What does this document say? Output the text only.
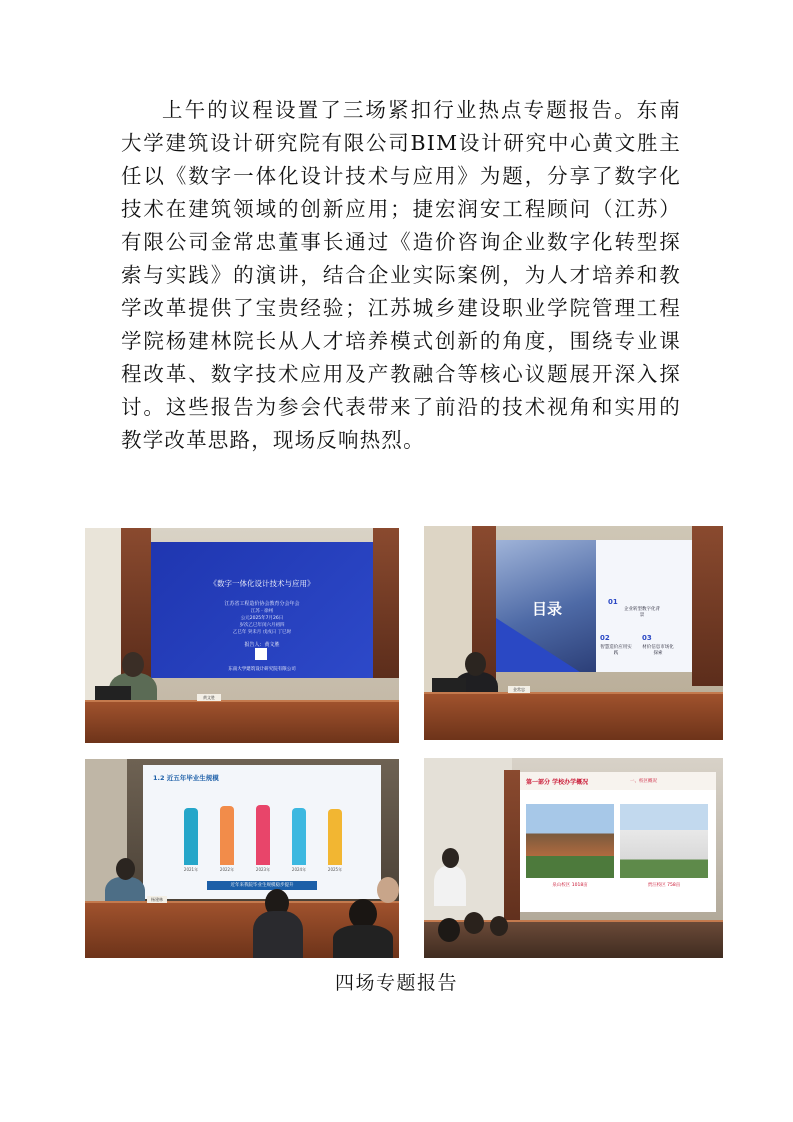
上午的议程设置了三场紧扣行业热点专题报告。东南大学建筑设计研究院有限公司BIM设计研究中心黄文胜主任以《数字一体化设计技术与应用》为题，分享了数字化技术在建筑领域的创新应用；捷宏润安工程顾问（江苏）有限公司金常忠董事长通过《造价咨询企业数字化转型探索与实践》的演讲，结合企业实际案例，为人才培养和教学改革提供了宝贵经验；江苏城乡建设职业学院管理工程学院杨建林院长从人才培养模式创新的角度，围绕专业课程改革、数字技术应用及产教融合等核心议题展开深入探讨。这些报告为参会代表带来了前沿的技术视角和实用的教学改革思路，现场反响热烈。
《数字一体化设计技术与应用》
江苏省工程造价协会教育分会年会
江苏 · 徐州
公元2025年7月26日
岁次乙巳年闰六月初四
乙巳年 癸未月 戊戌日 丁巳时
报告人：黄文胜
东南大学建筑设计研究院有限公司
黄文胜
目录	01
企业转型数字化背景
02
智慧造价应用实践
03
材价信息市场化探索
金常忠
1.2 近五年毕业生规模
2021年	2022年	2023年	2024年	2025年
近年来我院毕业生规模稳步提升
杨建林
第一部分 学校办学概况	一、校区概况
泉山校区 1018亩	贾汪校区 758亩
四场专题报告
